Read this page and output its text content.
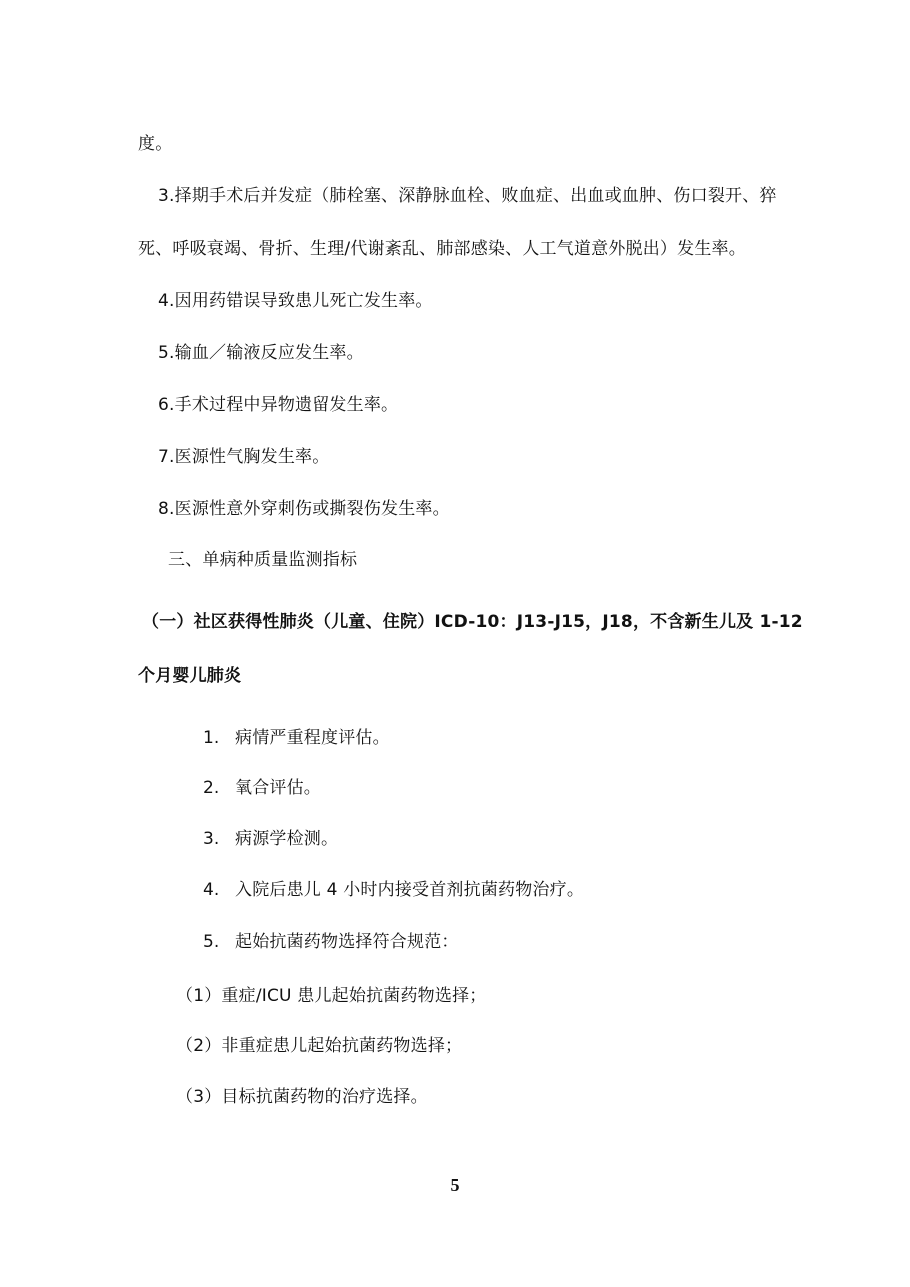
度。
3.择期手术后并发症（肺栓塞、深静脉血栓、败血症、出血或血肿、伤口裂开、猝
死、呼吸衰竭、骨折、生理/代谢紊乱、肺部感染、人工气道意外脱出）发生率。
4.因用药错误导致患儿死亡发生率。
5.输血／输液反应发生率。
6.手术过程中异物遗留发生率。
7.医源性气胸发生率。
8.医源性意外穿刺伤或撕裂伤发生率。
三、单病种质量监测指标
（一）社区获得性肺炎（儿童、住院）ICD-10：J13-J15，J18，不含新生儿及 1-12
个月婴儿肺炎
1. 病情严重程度评估。
2. 氧合评估。
3. 病源学检测。
4. 入院后患儿 4 小时内接受首剂抗菌药物治疗。
5. 起始抗菌药物选择符合规范：
（1）重症/ICU 患儿起始抗菌药物选择；
（2）非重症患儿起始抗菌药物选择；
（3）目标抗菌药物的治疗选择。
5
